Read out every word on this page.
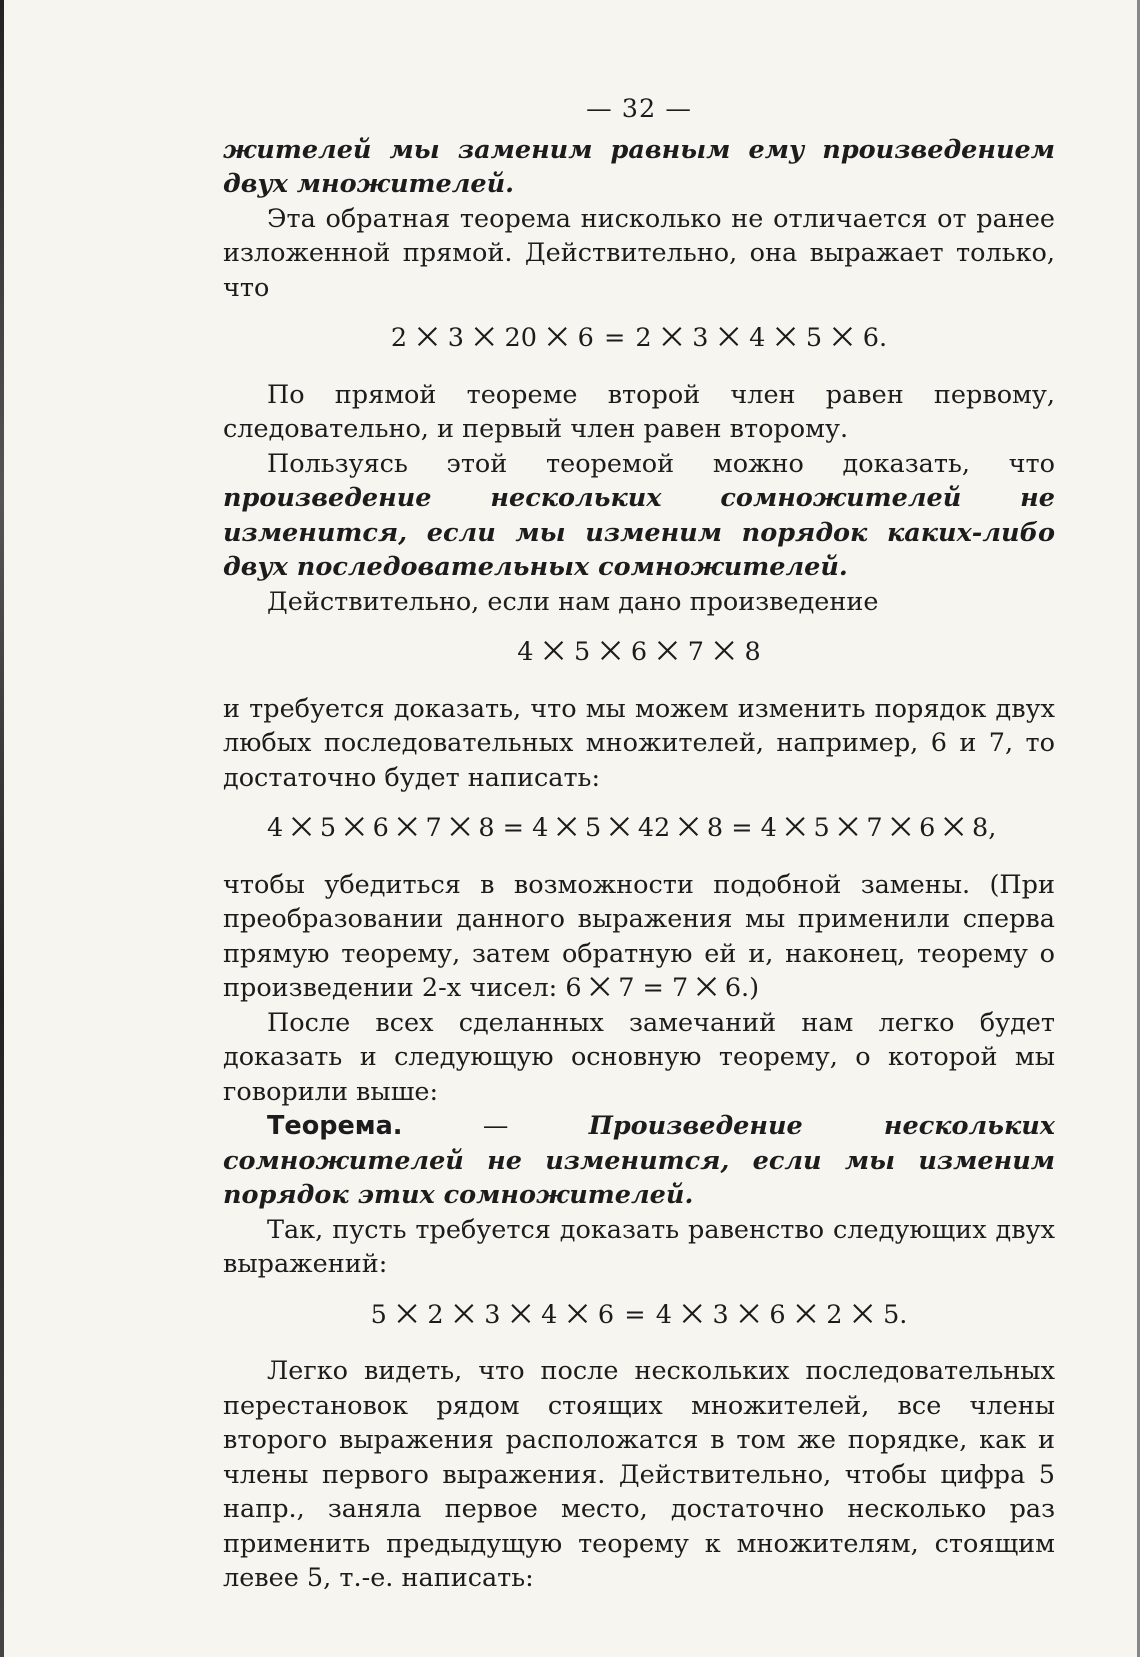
— 32 —

жителей мы заменим равным ему произведением двух множителей.

Эта обратная теорема нисколько не отличается от ранее изложенной прямой. Действительно, она выражает только, что

2 ⨉ 3 ⨉ 20 ⨉ 6 = 2 ⨉ 3 ⨉ 4 ⨉ 5 ⨉ 6.

По прямой теореме второй член равен первому, следовательно, и первый член равен второму.

Пользуясь этой теоремой можно доказать, что произведение нескольких сомножителей не изменится, если мы изменим порядок каких-либо двух последовательных сомножителей.

Действительно, если нам дано произведение

4 ⨉ 5 ⨉ 6 ⨉ 7 ⨉ 8

и требуется доказать, что мы можем изменить порядок двух любых последовательных множителей, например, 6 и 7, то достаточно будет написать:

4 ⨉ 5 ⨉ 6 ⨉ 7 ⨉ 8 = 4 ⨉ 5 ⨉ 42 ⨉ 8 = 4 ⨉ 5 ⨉ 7 ⨉ 6 ⨉ 8,

чтобы убедиться в возможности подобной замены. (При преобразовании данного выражения мы применили сперва прямую теорему, затем обратную ей и, наконец, теорему о произведении 2-х чисел: 6 ⨉ 7 = 7 ⨉ 6.)

После всех сделанных замечаний нам легко будет доказать и следующую основную теорему, о которой мы говорили выше:

Теорема. — Произведение нескольких сомножителей не изменится, если мы изменим порядок этих сомножителей.

Так, пусть требуется доказать равенство следующих двух выражений:

5 ⨉ 2 ⨉ 3 ⨉ 4 ⨉ 6 = 4 ⨉ 3 ⨉ 6 ⨉ 2 ⨉ 5.

Легко видеть, что после нескольких последовательных перестановок рядом стоящих множителей, все члены второго выражения расположатся в том же порядке, как и члены первого выражения. Действительно, чтобы цифра 5 напр., заняла первое место, достаточно несколько раз применить предыдущую теорему к множителям, стоящим левее 5, т.-е. написать:
